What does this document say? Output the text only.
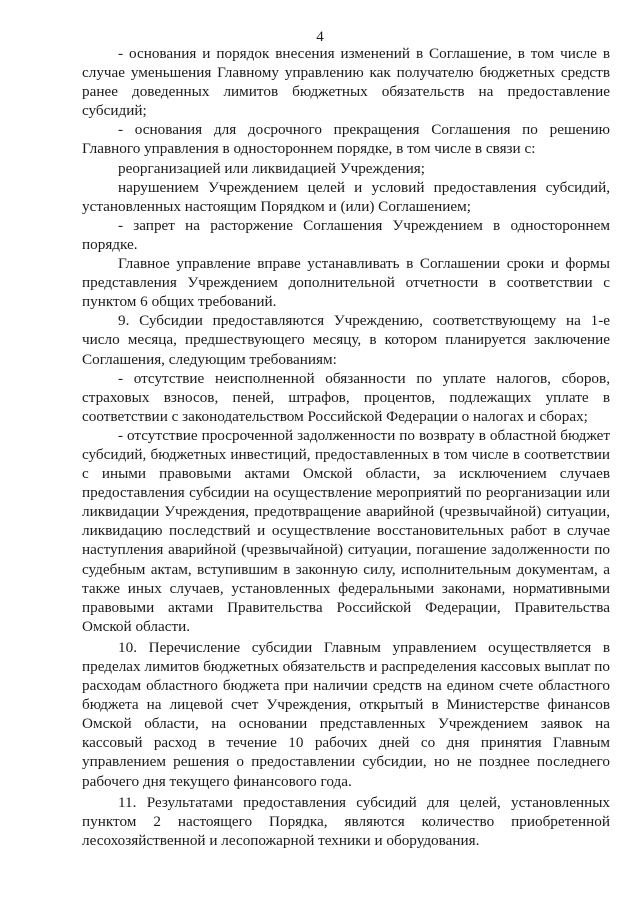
4

- основания и порядок внесения изменений в Соглашение, в том числе в случае уменьшения Главному управлению как получателю бюджетных средств ранее доведенных лимитов бюджетных обязательств на предоставление субсидий;

- основания для досрочного прекращения Соглашения по решению Главного управления в одностороннем порядке, в том числе в связи с:

реорганизацией или ликвидацией Учреждения;

нарушением Учреждением целей и условий предоставления субсидий, установленных настоящим Порядком и (или) Соглашением;

- запрет на расторжение Соглашения Учреждением в одностороннем порядке.

Главное управление вправе устанавливать в Соглашении сроки и формы представления Учреждением дополнительной отчетности в соответствии с пунктом 6 общих требований.

9. Субсидии предоставляются Учреждению, соответствующему на 1-е число месяца, предшествующего месяцу, в котором планируется заключение Соглашения, следующим требованиям:

- отсутствие неисполненной обязанности по уплате налогов, сборов, страховых взносов, пеней, штрафов, процентов, подлежащих уплате в соответствии с законодательством Российской Федерации о налогах и сборах;

- отсутствие просроченной задолженности по возврату в областной бюджет субсидий, бюджетных инвестиций, предоставленных в том числе в соответствии с иными правовыми актами Омской области, за исключением случаев предоставления субсидии на осуществление мероприятий по реорганизации или ликвидации Учреждения, предотвращение аварийной (чрезвычайной) ситуации, ликвидацию последствий и осуществление восстановительных работ в случае наступления аварийной (чрезвычайной) ситуации, погашение задолженности по судебным актам, вступившим в законную силу, исполнительным документам, а также иных случаев, установленных федеральными законами, нормативными правовыми актами Правительства Российской Федерации, Правительства Омской области.

10. Перечисление субсидии Главным управлением осуществляется в пределах лимитов бюджетных обязательств и распределения кассовых выплат по расходам областного бюджета при наличии средств на едином счете областного бюджета на лицевой счет Учреждения, открытый в Министерстве финансов Омской области, на основании представленных Учреждением заявок на кассовый расход в течение 10 рабочих дней со дня принятия Главным управлением решения о предоставлении субсидии, но не позднее последнего рабочего дня текущего финансового года.

11. Результатами предоставления субсидий для целей, установленных пунктом 2 настоящего Порядка, являются количество приобретенной лесохозяйственной и лесопожарной техники и оборудования.
